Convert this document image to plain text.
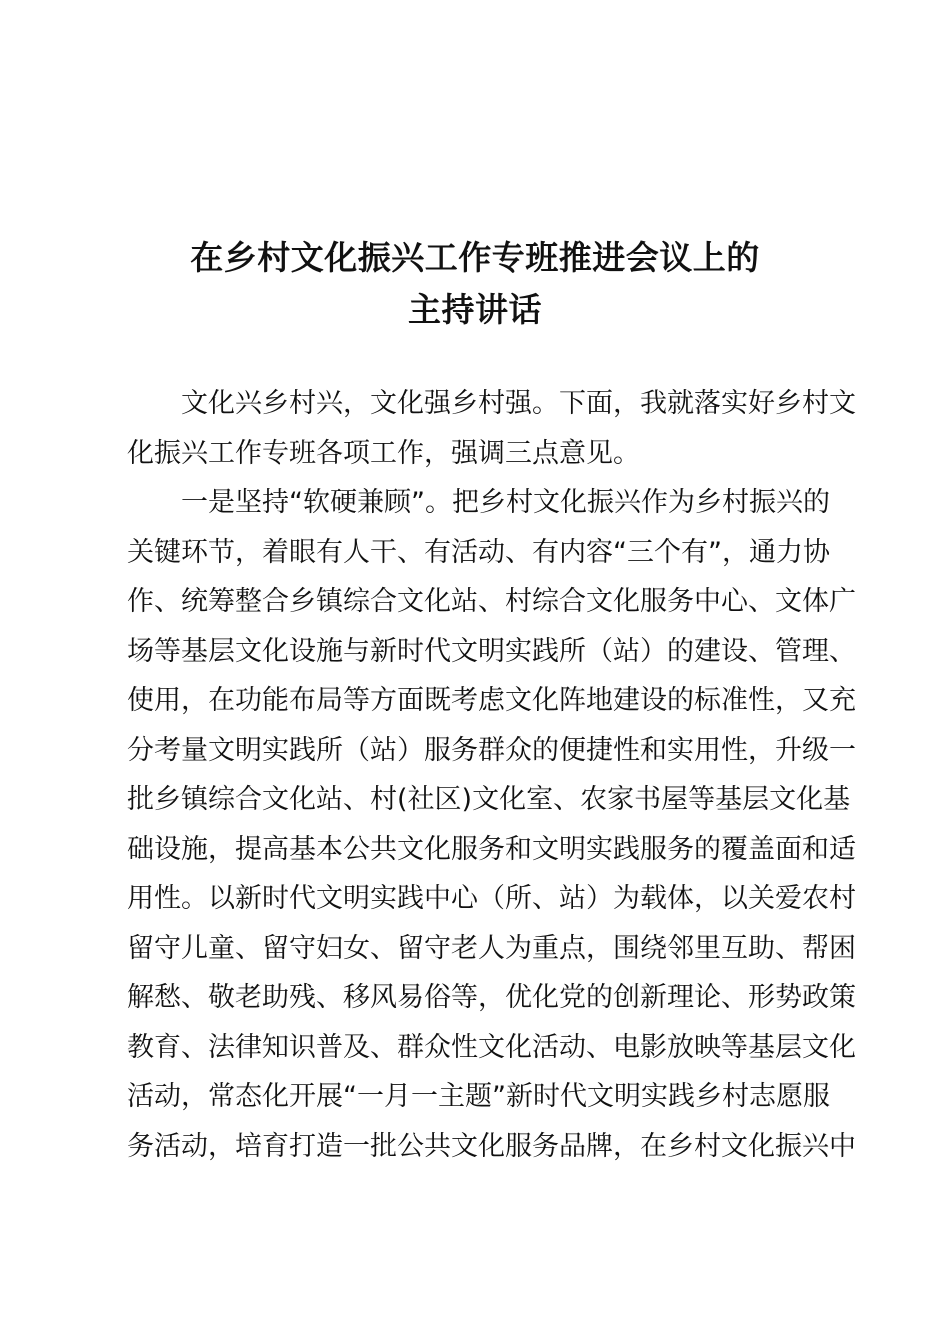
在乡村文化振兴工作专班推进会议上的
主持讲话
文化兴乡村兴，文化强乡村强。下面，我就落实好乡村文
化振兴工作专班各项工作，强调三点意见。
一是坚持“软硬兼顾”。把乡村文化振兴作为乡村振兴的
关键环节，着眼有人干、有活动、有内容“三个有”，通力协
作、统筹整合乡镇综合文化站、村综合文化服务中心、文体广
场等基层文化设施与新时代文明实践所（站）的建设、管理、
使用，在功能布局等方面既考虑文化阵地建设的标准性，又充
分考量文明实践所（站）服务群众的便捷性和实用性，升级一
批乡镇综合文化站、村(社区)文化室、农家书屋等基层文化基
础设施，提高基本公共文化服务和文明实践服务的覆盖面和适
用性。以新时代文明实践中心（所、站）为载体，以关爱农村
留守儿童、留守妇女、留守老人为重点，围绕邻里互助、帮困
解愁、敬老助残、移风易俗等，优化党的创新理论、形势政策
教育、法律知识普及、群众性文化活动、电影放映等基层文化
活动，常态化开展“一月一主题”新时代文明实践乡村志愿服
务活动，培育打造一批公共文化服务品牌，在乡村文化振兴中
